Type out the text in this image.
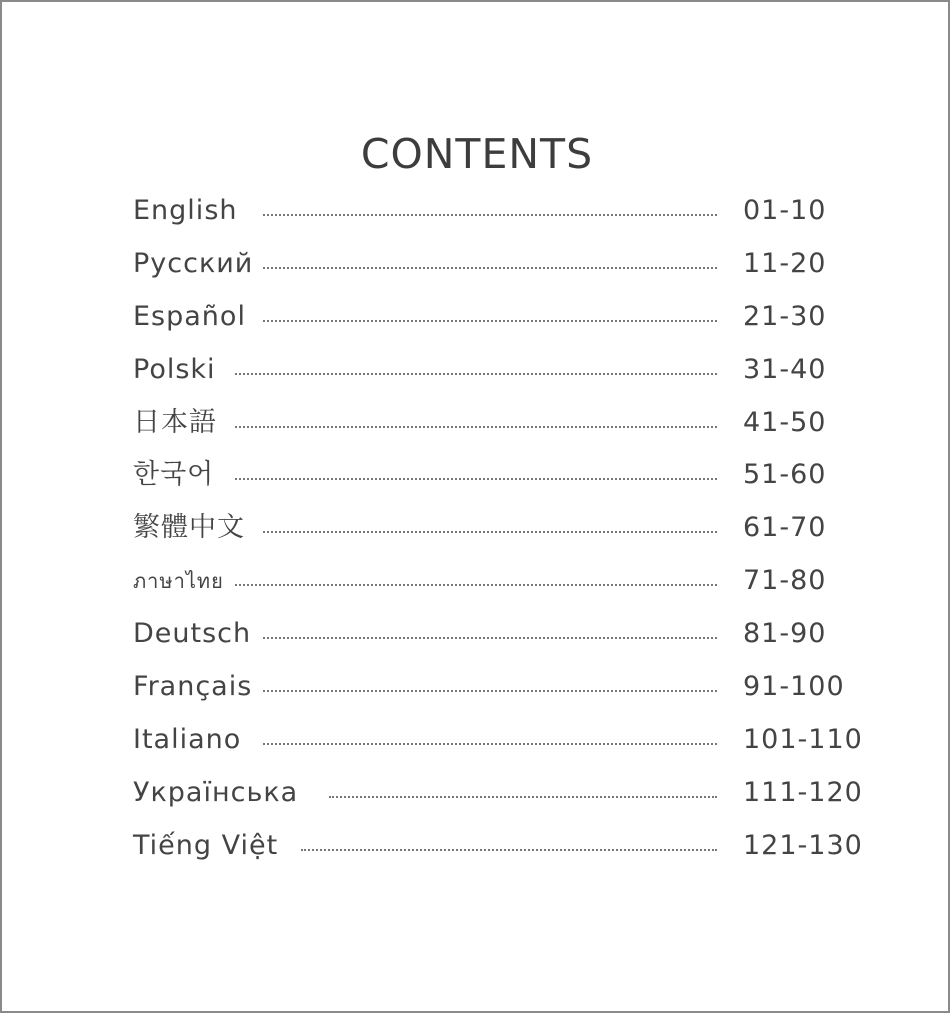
CONTENTS
English	01-10
Русский	11-20
Español	21-30
Polski	31-40
日本語	41-50
한국어	51-60
繁體中文	61-70
ภาษาไทย	71-80
Deutsch	81-90
Français	91-100
Italiano	101-110
Українська	111-120
Tiếng Việt	121-130
